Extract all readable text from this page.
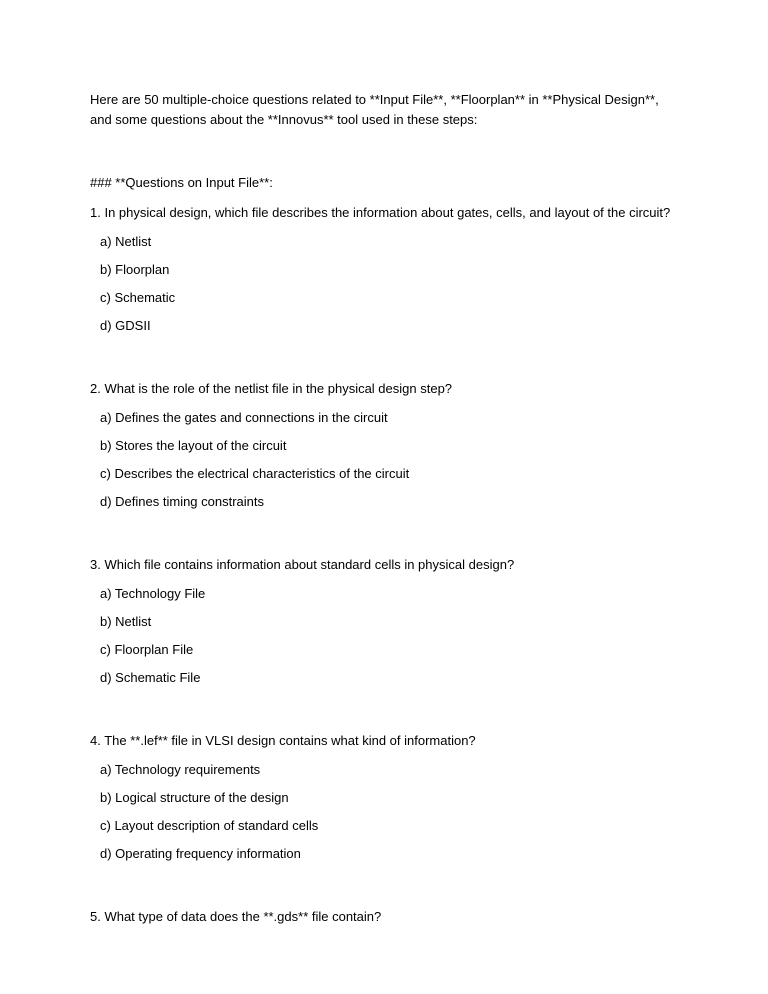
Here are 50 multiple-choice questions related to **Input File**, **Floorplan** in **Physical Design**,
and some questions about the **Innovus** tool used in these steps:
### **Questions on Input File**:
1. In physical design, which file describes the information about gates, cells, and layout of the circuit?
a) Netlist
b) Floorplan
c) Schematic
d) GDSII
2. What is the role of the netlist file in the physical design step?
a) Defines the gates and connections in the circuit
b) Stores the layout of the circuit
c) Describes the electrical characteristics of the circuit
d) Defines timing constraints
3. Which file contains information about standard cells in physical design?
a) Technology File
b) Netlist
c) Floorplan File
d) Schematic File
4. The **.lef** file in VLSI design contains what kind of information?
a) Technology requirements
b) Logical structure of the design
c) Layout description of standard cells
d) Operating frequency information
5. What type of data does the **.gds** file contain?
